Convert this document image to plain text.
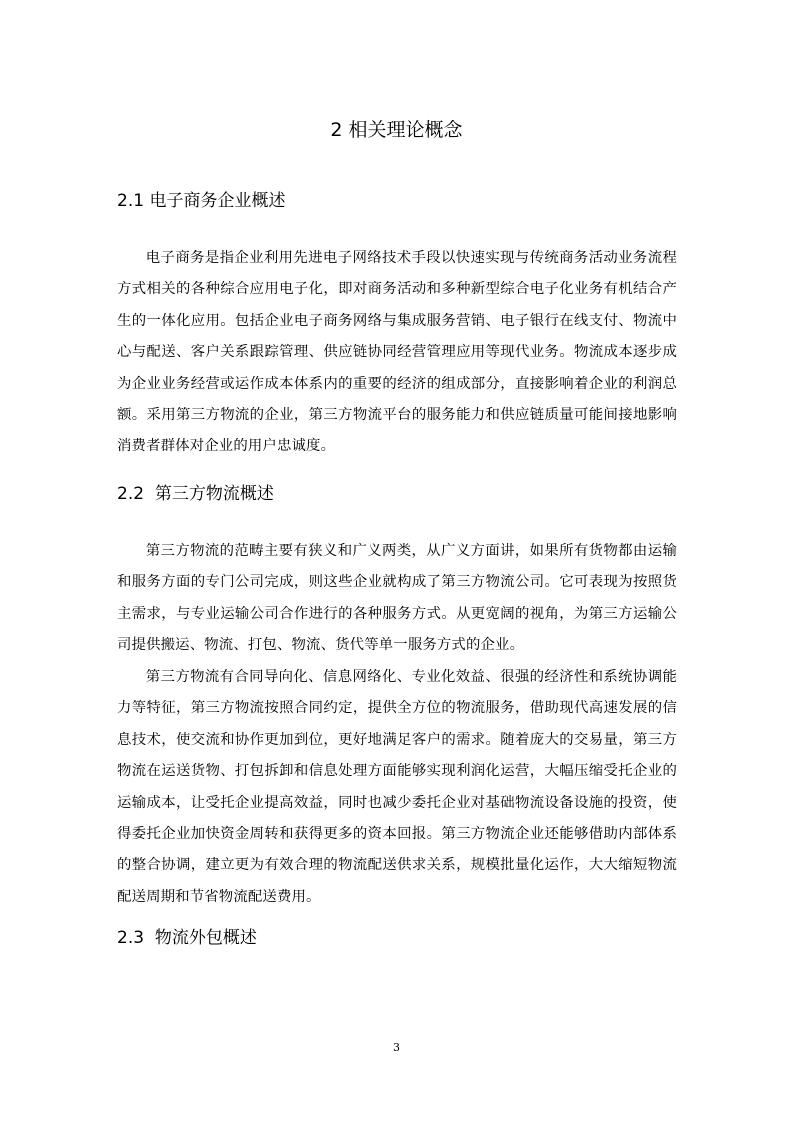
2 相关理论概念
2.1 电子商务企业概述

电子商务是指企业利用先进电子网络技术手段以快速实现与传统商务活动业务流程方式相关的各种综合应用电子化，即对商务活动和多种新型综合电子化业务有机结合产生的一体化应用。包括企业电子商务网络与集成服务营销、电子银行在线支付、物流中心与配送、客户关系跟踪管理、供应链协同经营管理应用等现代业务。物流成本逐步成为企业业务经营或运作成本体系内的重要的经济的组成部分，直接影响着企业的利润总额。采用第三方物流的企业，第三方物流平台的服务能力和供应链质量可能间接地影响消费者群体对企业的用户忠诚度。

2.2  第三方物流概述

第三方物流的范畴主要有狭义和广义两类，从广义方面讲，如果所有货物都由运输和服务方面的专门公司完成，则这些企业就构成了第三方物流公司。它可表现为按照货主需求，与专业运输公司合作进行的各种服务方式。从更宽阔的视角，为第三方运输公司提供搬运、物流、打包、物流、货代等单一服务方式的企业。

第三方物流有合同导向化、信息网络化、专业化效益、很强的经济性和系统协调能力等特征，第三方物流按照合同约定，提供全方位的物流服务，借助现代高速发展的信息技术，使交流和协作更加到位，更好地满足客户的需求。随着庞大的交易量，第三方物流在运送货物、打包拆卸和信息处理方面能够实现利润化运营，大幅压缩受托企业的运输成本，让受托企业提高效益，同时也减少委托企业对基础物流设备设施的投资，使得委托企业加快资金周转和获得更多的资本回报。第三方物流企业还能够借助内部体系的整合协调，建立更为有效合理的物流配送供求关系，规模批量化运作，大大缩短物流配送周期和节省物流配送费用。

2.3  物流外包概述
3
